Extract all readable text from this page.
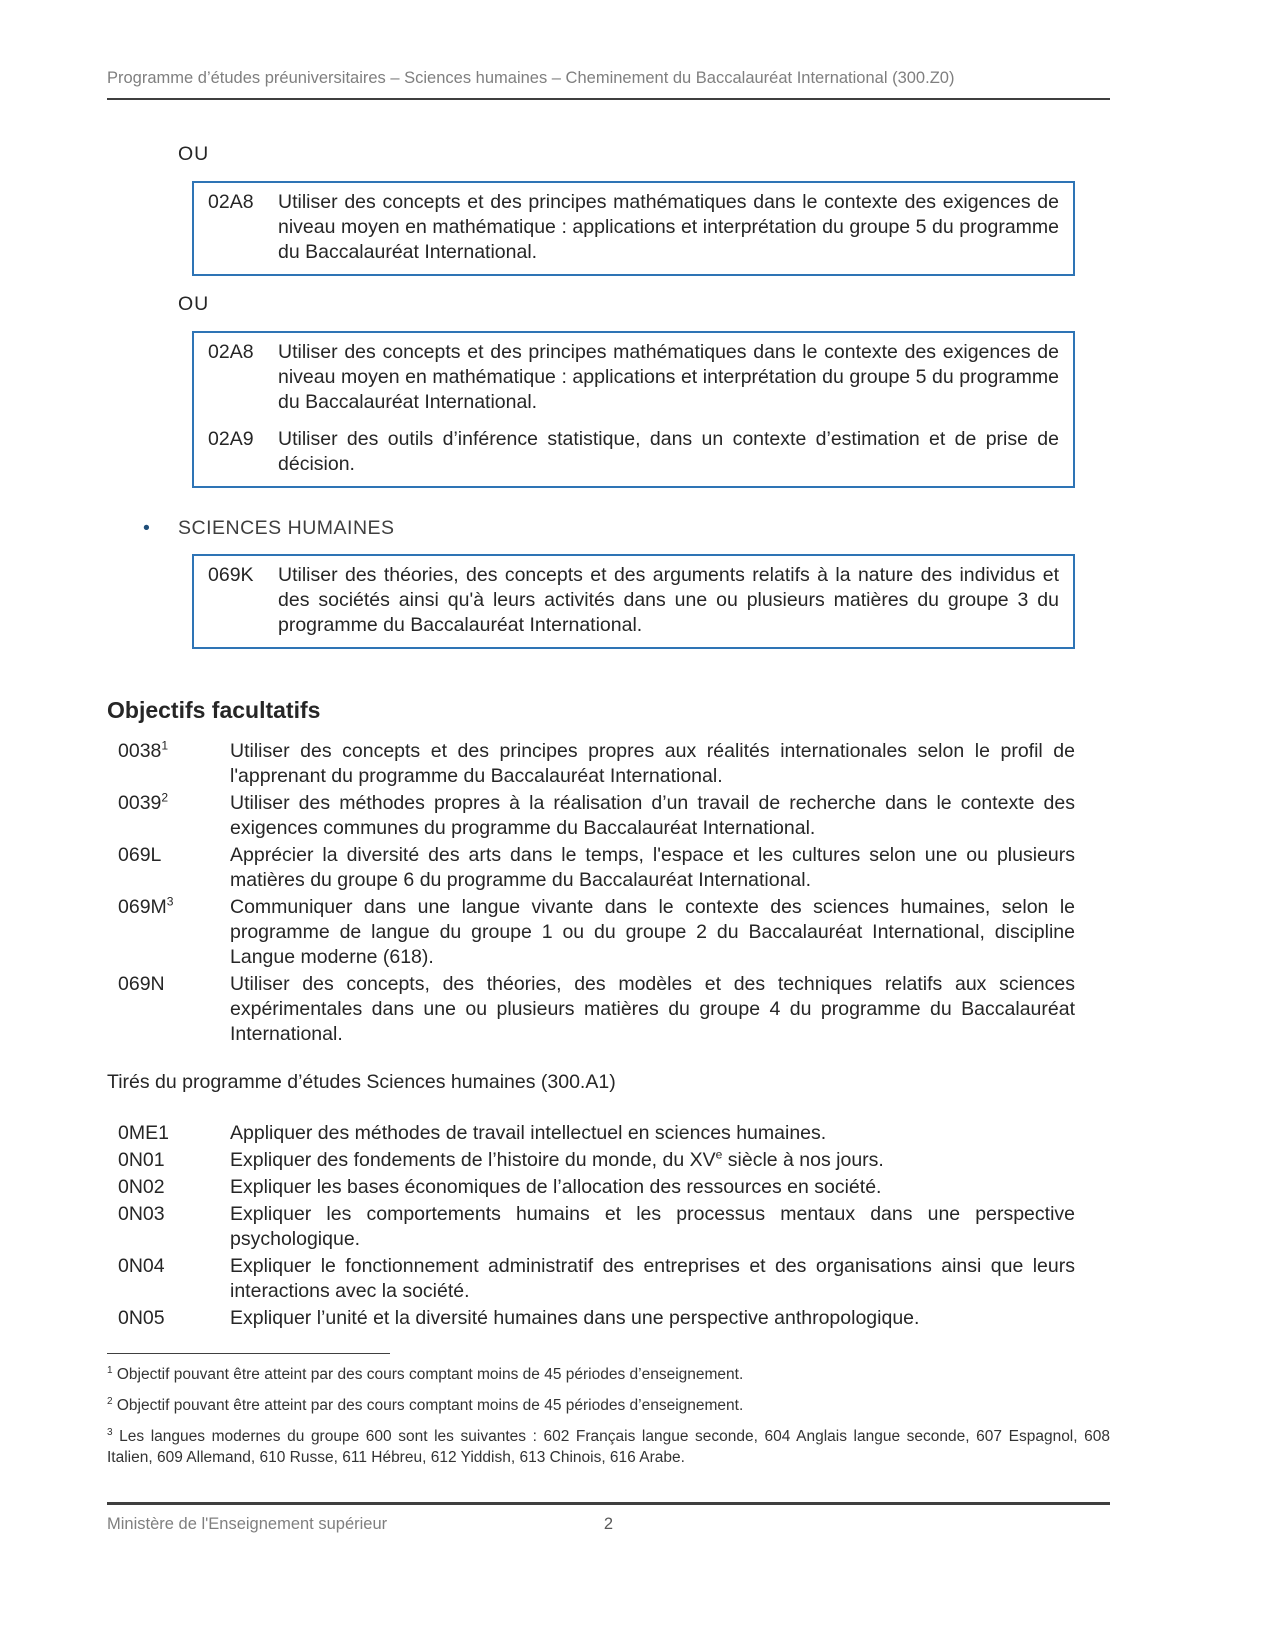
Programme d’études préuniversitaires – Sciences humaines – Cheminement du Baccalauréat International (300.Z0)
OU
02A8	Utiliser des concepts et des principes mathématiques dans le contexte des exigences de niveau moyen en mathématique : applications et interprétation du groupe 5 du programme du Baccalauréat International.

OU
02A8	Utiliser des concepts et des principes mathématiques dans le contexte des exigences de niveau moyen en mathématique : applications et interprétation du groupe 5 du programme du Baccalauréat International.

02A9	Utiliser des outils d’inférence statistique, dans un contexte d’estimation et de prise de décision.

• SCIENCES HUMAINES
069K	Utiliser des théories, des concepts et des arguments relatifs à la nature des individus et des sociétés ainsi qu'à leurs activités dans une ou plusieurs matières du groupe 3 du programme du Baccalauréat International.

Objectifs facultatifs
0038$^1$	Utiliser des concepts et des principes propres aux réalités internationales selon le profil de l'apprenant du programme du Baccalauréat International.

0039$^2$	Utiliser des méthodes propres à la réalisation d’un travail de recherche dans le contexte des exigences communes du programme du Baccalauréat International.

069L	Apprécier la diversité des arts dans le temps, l'espace et les cultures selon une ou plusieurs matières du groupe 6 du programme du Baccalauréat International.

$069M^3$	Communiquer dans une langue vivante dans le contexte des sciences humaines, selon le programme de langue du groupe 1 ou du groupe 2 du Baccalauréat International, discipline Langue moderne (618).

069N	Utiliser des concepts, des théories, des modèles et des techniques relatifs aux sciences expérimentales dans une ou plusieurs matières du groupe 4 du programme du Baccalauréat International.

Tirés du programme d’études Sciences humaines (300.A1)

0ME1	Appliquer des méthodes de travail intellectuel en sciences humaines.

0N01	Expliquer des fondements de l’histoire du monde, du XVe siècle à nos jours.

0N02	Expliquer les bases économiques de l’allocation des ressources en société.

0N03	Expliquer les comportements humains et les processus mentaux dans une perspective psychologique.

0N04	Expliquer le fonctionnement administratif des entreprises et des organisations ainsi que leurs interactions avec la société.

0N05	Expliquer l’unité et la diversité humaines dans une perspective anthropologique.

$^1$ Objectif pouvant être atteint par des cours comptant moins de 45 périodes d’enseignement.

$^2$ Objectif pouvant être atteint par des cours comptant moins de 45 périodes d’enseignement.

$^3$ Les langues modernes du groupe 600 sont les suivantes : 602 Français langue seconde, 604 Anglais langue seconde, 607 Espagnol, 608 Italien, 609 Allemand, 610 Russe, 611 Hébreu, 612 Yiddish, 613 Chinois, 616 Arabe.

Ministère de l'Enseignement supérieur	2
